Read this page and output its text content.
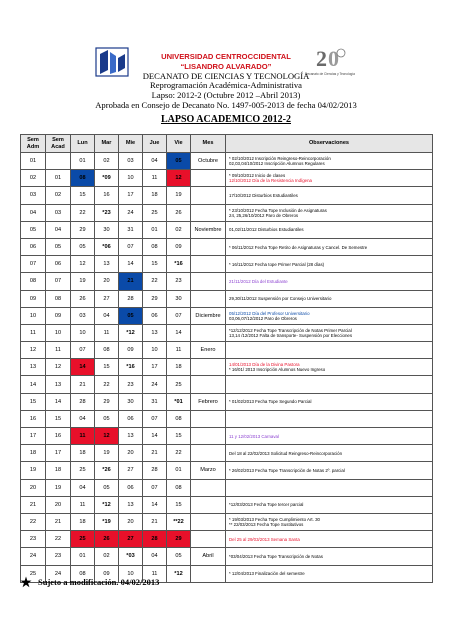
2 0
Decanato de Ciencias y Tecnología
UNIVERSIDAD CENTROCCIDENTAL
“LISANDRO ALVARADO”
DECANATO DE CIENCIAS Y TECNOLOGÍA
Reprogramación Académica-Administrativa
Lapso: 2012-2 (Octubre 2012 –Abril 2013)
Aprobada en Consejo de Decanato No. 1497-005-2013 de fecha 04/02/2013
LAPSO ACADEMICO 2012-2
Sem Adm	Sem Acad	Lun	Mar	Mie	Jue	Vie	Mes	Observaciones
01		01	02	03	04	05	Octubre	* 02/10/2012 Inscripción Reingreso-Reincorporación
02,03,04/10/2012 Inscripción Alumnos Regulares

02	01	08	*09	10	11	12		* 09/10/2012 Inicio de clases
12/10/2012 Día de la Resistencia Indígena

03	02	15	16	17	18	19		17/10/2012 Disturbios Estudiantiles

04	03	22	*23	24	25	26		* 23/10/2012 Fecha Tope Inclusión de Asignaturas
24, 25,26/10/2012 Paro de Obreros

05	04	29	30	31	01	02	Noviembre	01,02/11/2012 Disturbios Estudiantiles

06	05	05	*06	07	08	09		* 06/11/2012 Fecha Tope Retiro de Asignaturas y Cancel. De Semestre

07	06	12	13	14	15	*16		* 16/11/2012 Fecha tope Primer Parcial (28 días)

08	07	19	20	21	22	23		21/11/2012 Día del Estudiante

09	08	26	27	28	29	30		29,30/11/2012 Suspensión por Consejo Universitario

10	09	03	04	05	06	07	Diciembre	05/12/2012 Día del Profesor Universitario
03,06,07/12/2012 Paro de Obreros

11	10	10	11	*12	13	14		*12/12/2012 Fecha Tope Transcripción de Notas Primer Parcial
13,14 /12/2012 Falta de transporte- Suspensión por Elecciones

12	11	07	08	09	10	11	Enero	

13	12	14	15	*16	17	18		14/01/2013 Día de la Divina Pastora
* 16/01/ 2013 Inscripción Alumnos Nuevo Ingreso

14	13	21	22	23	24	25		

15	14	28	29	30	31	*01	Febrero	* 01/02/2013 Fecha Tope Segundo Parcial

16	15	04	05	06	07	08		

17	16	11	12	13	14	15		11 y 12/02/2013 Carnaval

18	17	18	19	20	21	22		Del 18 al 22/02/2013 Solicitud Reingreso-Reincorporación

19	18	25	*26	27	28	01	Marzo	* 26/02/2013 Fecha Tope Transcripción de Notas 2º. parcial

20	19	04	05	06	07	08		

21	20	11	*12	13	14	15		*12/03/2013 Fecha Tope tercer parcial

22	21	18	*19	20	21	**22		* 19/03/2013 Fecha Tope Cumplimiento Art. 30
** 22/03/2013 Fecha Tope Sustitutivos

23	22	25	26	27	28	29		Del 25 al 29/03/2013 Semana Santa

24	23	01	02	*03	04	05	Abril	*03/04/2013 Fecha Tope Transcripción de Notas

25	24	08	09	10	11	*12		* 12/04/2013 Finalización del semestre
Sujeto a modificación. 04/02/2013
